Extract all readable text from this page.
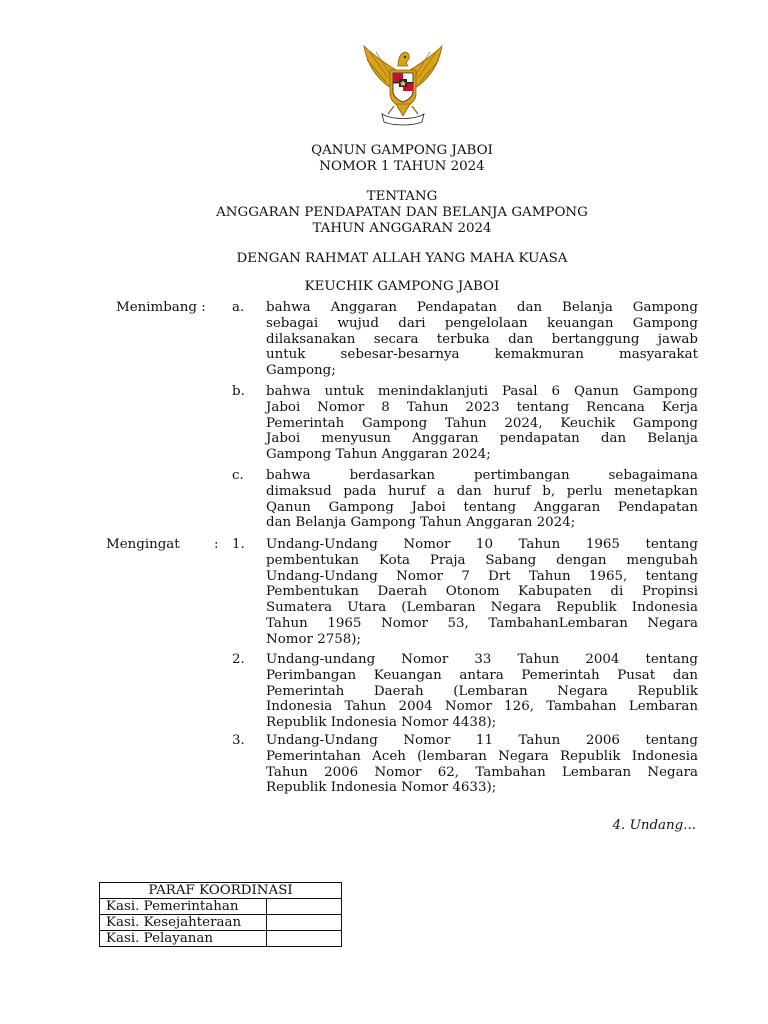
QANUN GAMPONG JABOI
NOMOR 1 TAHUN 2024
TENTANG
ANGGARAN PENDAPATAN DAN BELANJA GAMPONG
TAHUN ANGGARAN 2024
DENGAN RAHMAT ALLAH YANG MAHA KUASA
KEUCHIK GAMPONG JABOI
Menimbang : a. bahwa Anggaran Pendapatan dan Belanja Gampong
sebagai wujud dari pengelolaan keuangan Gampong
dilaksanakan secara terbuka dan bertanggung jawab
untuk sebesar-besarnya kemakmuran masyarakat
Gampong;
b. bahwa untuk menindaklanjuti Pasal 6 Qanun Gampong
Jaboi Nomor 8 Tahun 2023 tentang Rencana Kerja
Pemerintah Gampong Tahun 2024, Keuchik Gampong
Jaboi menyusun Anggaran pendapatan dan Belanja
Gampong Tahun Anggaran 2024;
c. bahwa berdasarkan pertimbangan sebagaimana
dimaksud pada huruf a dan huruf b, perlu menetapkan
Qanun Gampong Jaboi tentang Anggaran Pendapatan
dan Belanja Gampong Tahun Anggaran 2024;
Mengingat	: 1. Undang-Undang Nomor 10 Tahun 1965 tentang
pembentukan Kota Praja Sabang dengan mengubah
Undang-Undang Nomor 7 Drt Tahun 1965, tentang
Pembentukan Daerah Otonom Kabupaten di Propinsi
Sumatera Utara (Lembaran Negara Republik Indonesia
Tahun 1965 Nomor 53, TambahanLembaran Negara
Nomor 2758);
2. Undang-undang Nomor 33 Tahun 2004 tentang
Perimbangan Keuangan antara Pemerintah Pusat dan
Pemerintah Daerah (Lembaran Negara Republik
Indonesia Tahun 2004 Nomor 126, Tambahan Lembaran
Republik Indonesia Nomor 4438);
3. Undang-Undang Nomor 11 Tahun 2006 tentang
Pemerintahan Aceh (lembaran Negara Republik Indonesia
Tahun 2006 Nomor 62, Tambahan Lembaran Negara
Republik Indonesia Nomor 4633);
4. Undang...
PARAF KOORDINASI	
Kasi. Pemerintahan	
Kasi. Kesejahteraan	
Kasi. Pelayanan	
